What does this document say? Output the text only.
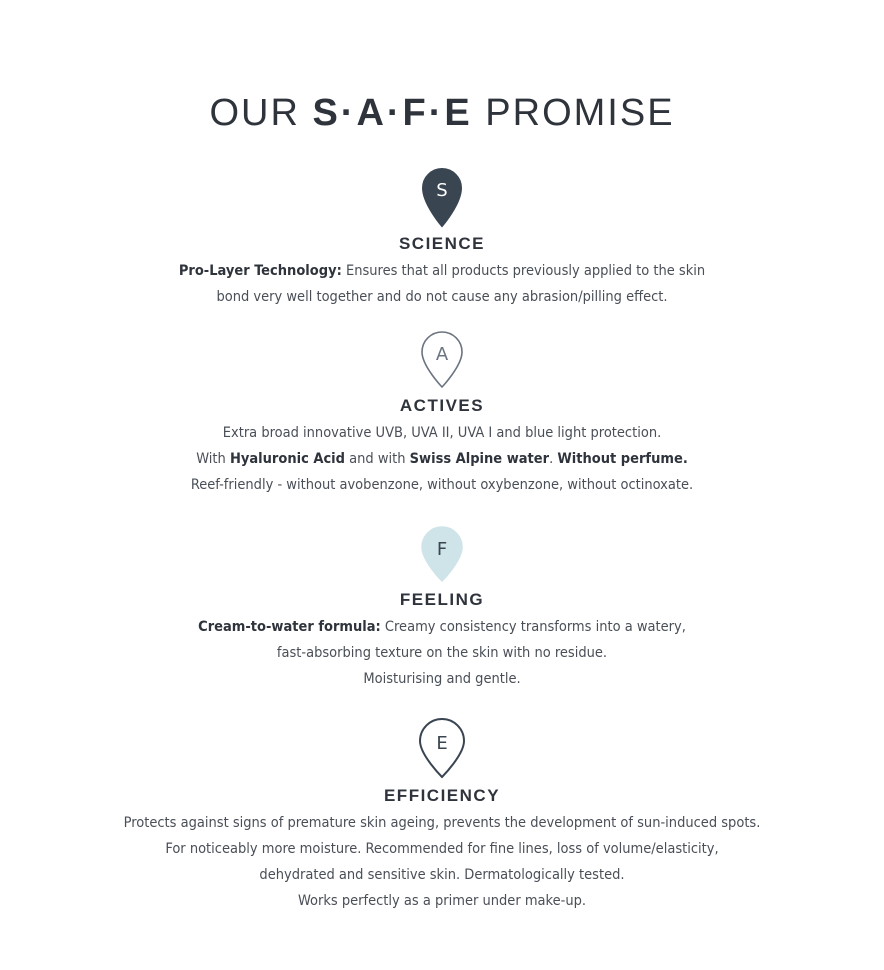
OUR S·A·F·E PROMISE
S
SCIENCE
Pro-Layer Technology: Ensures that all products previously applied to the skin
bond very well together and do not cause any abrasion/pilling effect.
A
ACTIVES
Extra broad innovative UVB, UVA II, UVA I and blue light protection.
With Hyaluronic Acid and with Swiss Alpine water. Without perfume.
Reef-friendly - without avobenzone, without oxybenzone, without octinoxate.
F
FEELING
Cream-to-water formula: Creamy consistency transforms into a watery,
fast-absorbing texture on the skin with no residue.
Moisturising and gentle.
E
EFFICIENCY
Protects against signs of premature skin ageing, prevents the development of sun-induced spots.
For noticeably more moisture. Recommended for fine lines, loss of volume/elasticity,
dehydrated and sensitive skin. Dermatologically tested.
Works perfectly as a primer under make-up.
